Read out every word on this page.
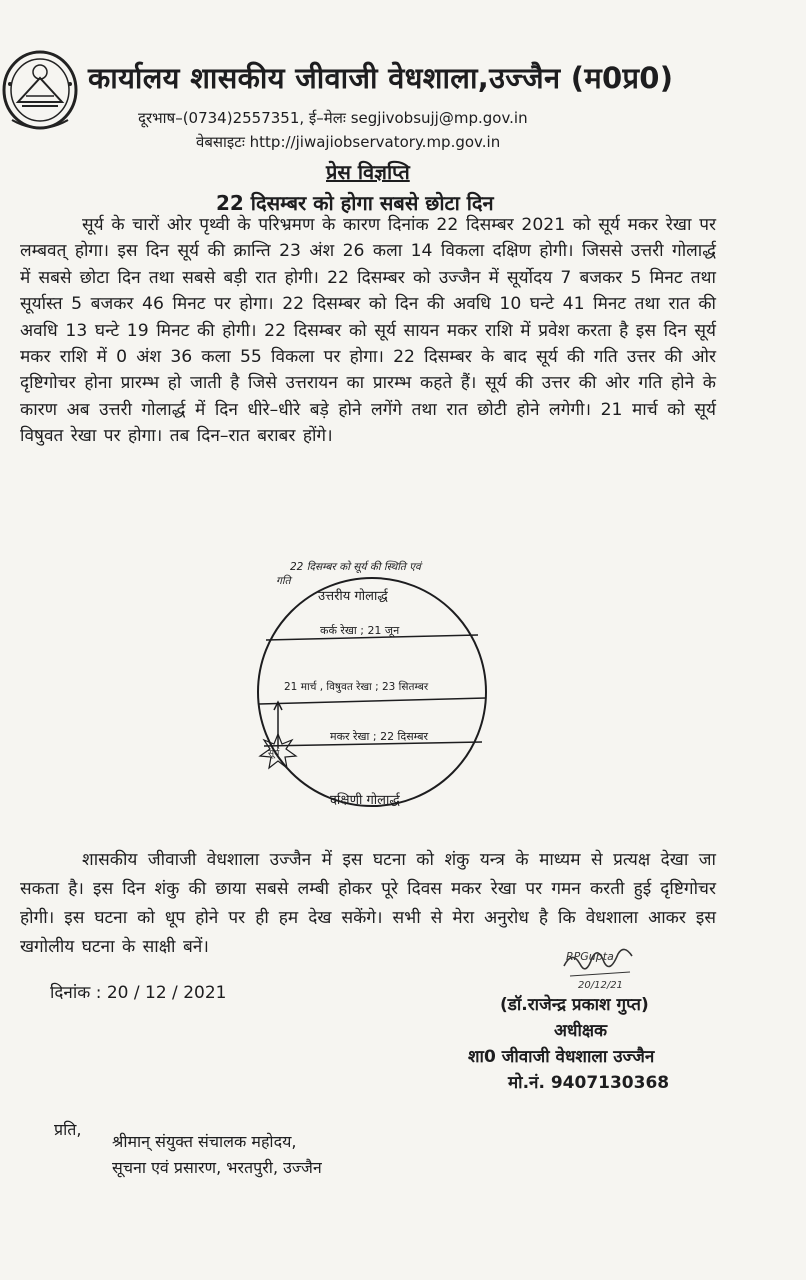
कार्यालय शासकीय जीवाजी वेधशाला,उज्जैन (म0प्र0)

दूरभाष–(0734)2557351, ई–मेलः segjivobsujj@mp.gov.in

वेबसाइटः http://jiwajiobservatory.mp.gov.in

प्रेस विज्ञप्ति
22 दिसम्बर को होगा सबसे छोटा दिन

सूर्य के चारों ओर पृथ्वी के परिभ्रमण के कारण दिनांक 22 दिसम्बर 2021 को सूर्य मकर रेखा पर लम्बवत् होगा। इस दिन सूर्य की क्रान्ति 23 अंश 26 कला 14 विकला दक्षिण होगी। जिससे उत्तरी गोलार्द्ध में सबसे छोटा दिन तथा सबसे बड़ी रात होगी। 22 दिसम्बर को उज्जैन में सूर्योदय 7 बजकर 5 मिनट तथा सूर्यास्त 5 बजकर 46 मिनट पर होगा। 22 दिसम्बर को दिन की अवधि 10 घन्टे 41 मिनट तथा रात की अवधि 13 घन्टे 19 मिनट की होगी। 22 दिसम्बर को सूर्य सायन मकर राशि में प्रवेश करता है इस दिन सूर्य मकर राशि में 0 अंश 36 कला 55 विकला पर होगा। 22 दिसम्बर के बाद सूर्य की गति उत्तर की ओर दृष्टिगोचर होना प्रारम्भ हो जाती है जिसे उत्तरायन का प्रारम्भ कहते हैं। सूर्य की उत्तर की ओर गति होने के कारण अब उत्तरी गोलार्द्ध में दिन धीरे–धीरे बड़े होने लगेंगे तथा रात छोटी होने लगेगी। 21 मार्च को सूर्य विषुवत रेखा पर होगा। तब दिन–रात बराबर होंगे।

22 दिसम्बर को सूर्य की स्थिति एवं
गति
उत्तरीय गोलार्द्ध
कर्क रेखा ; 21 जून
21 मार्च , विषुवत रेखा ; 23 सितम्बर
मकर रेखा ; 22 दिसम्बर
सूर्य
दक्षिणी गोलार्द्ध

शासकीय जीवाजी वेधशाला उज्जैन में इस घटना को शंकु यन्त्र के माध्यम से प्रत्यक्ष देखा जा सकता है। इस दिन शंकु की छाया सबसे लम्बी होकर पूरे दिवस मकर रेखा पर गमन करती हुई दृष्टिगोचर होगी। इस घटना को धूप होने पर ही हम देख सकेंगे। सभी से मेरा अनुरोध है कि वेधशाला आकर इस खगोलीय घटना के साक्षी बनें।

दिनांक : 20 / 12 / 2021

RPGupta
20/12/21

(डॉ.राजेन्द्र प्रकाश गुप्त)

अधीक्षक

शा0 जीवाजी वेधशाला उज्जैन

मो.नं. 9407130368

प्रति,

श्रीमान् संयुक्त संचालक महोदय,

सूचना एवं प्रसारण, भरतपुरी, उज्जैन
